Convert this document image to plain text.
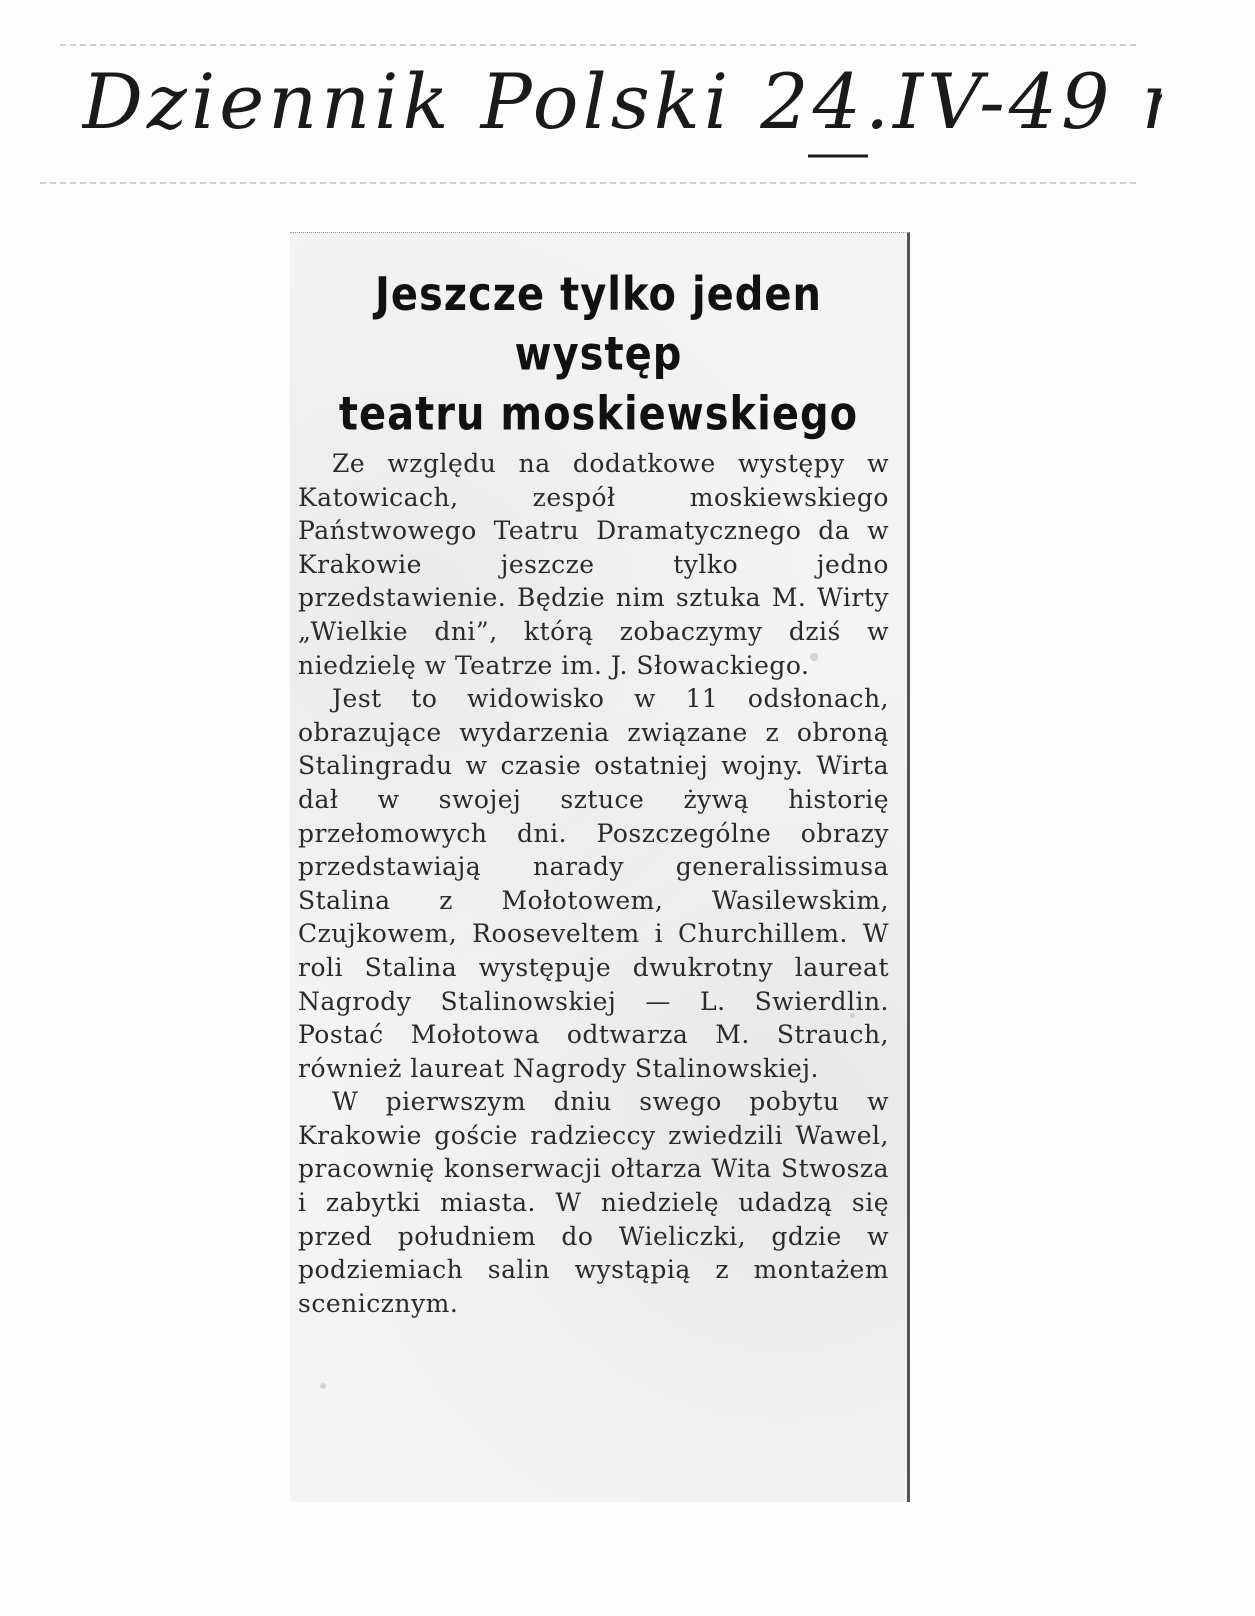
Dziennik Polski 24.IV-49 r.
Jeszcze tylko jeden występ
teatru moskiewskiego

Ze względu na dodatkowe występy w Katowicach, zespół moskiewskiego Państwowego Teatru Dramatycznego da w Krakowie jeszcze tylko jedno przedstawienie. Będzie nim sztuka M. Wirty „Wielkie dni”, którą zobaczymy dziś w niedzielę w Teatrze im. J. Słowackiego.

Jest to widowisko w 11 odsłonach, obrazujące wydarzenia związane z obroną Stalingradu w czasie ostatniej wojny. Wirta dał w swojej sztuce żywą historię przełomowych dni. Poszczególne obrazy przedstawiają narady generalissimusa Stalina z Mołotowem, Wasilewskim, Czujkowem, Rooseveltem i Churchillem. W roli Stalina występuje dwukrotny laureat Nagrody Stalinowskiej — L. Swierdlin. Postać Mołotowa odtwarza M. Strauch, również laureat Nagrody Stalinowskiej.

W pierwszym dniu swego pobytu w Krakowie goście radzieccy zwiedzili Wawel, pracownię konserwacji ołtarza Wita Stwosza i zabytki miasta. W niedzielę udadzą się przed południem do Wieliczki, gdzie w podziemiach salin wystąpią z montażem scenicznym.
